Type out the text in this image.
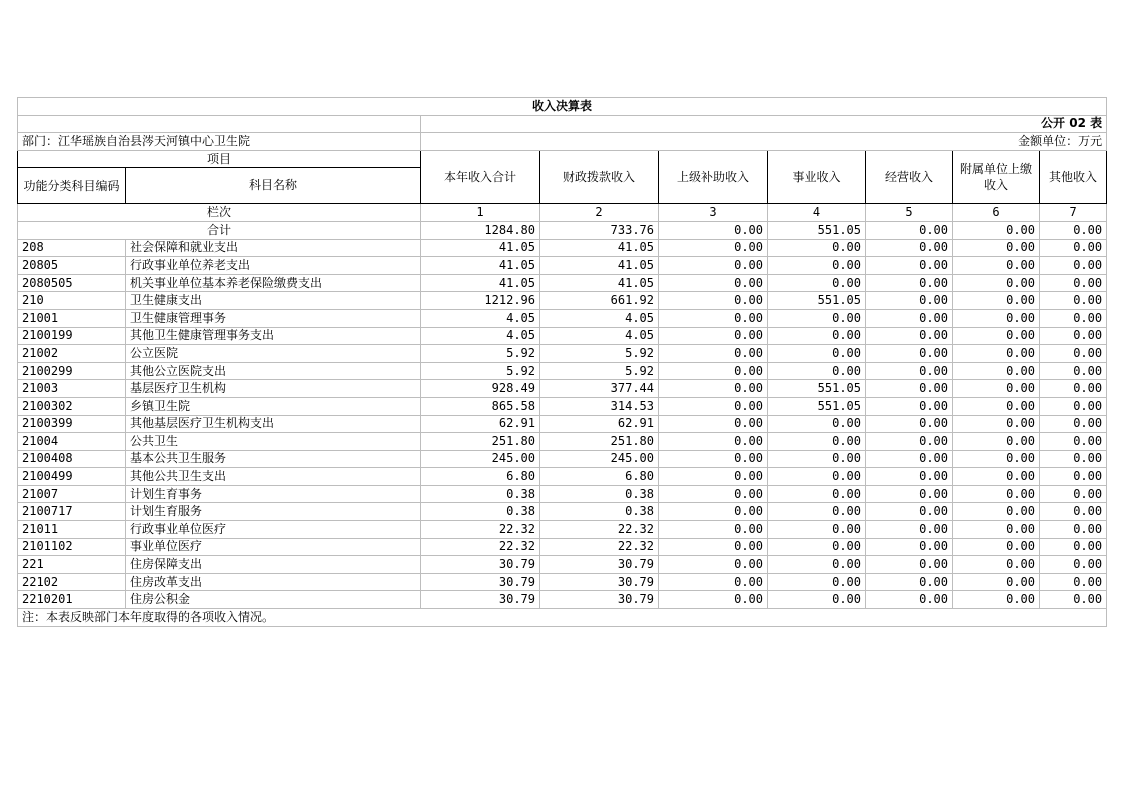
收入决算表								
		公开 02 表						
部门：江华瑶族自治县涔天河镇中心卫生院		金额单位：万元						
项目		本年收入合计	财政拨款收入	上级补助收入	事业收入	经营收入	附属单位上缴收入	其他收入
功能分类科目编码	科目名称							
栏次		1	2	3	4	5	6	7
合计		1284.80	733.76	0.00	551.05	0.00	0.00	0.00
208	社会保障和就业支出	41.05	41.05	0.00	0.00	0.00	0.00	0.00
20805	行政事业单位养老支出	41.05	41.05	0.00	0.00	0.00	0.00	0.00
2080505	机关事业单位基本养老保险缴费支出	41.05	41.05	0.00	0.00	0.00	0.00	0.00
210	卫生健康支出	1212.96	661.92	0.00	551.05	0.00	0.00	0.00
21001	卫生健康管理事务	4.05	4.05	0.00	0.00	0.00	0.00	0.00
2100199	其他卫生健康管理事务支出	4.05	4.05	0.00	0.00	0.00	0.00	0.00
21002	公立医院	5.92	5.92	0.00	0.00	0.00	0.00	0.00
2100299	其他公立医院支出	5.92	5.92	0.00	0.00	0.00	0.00	0.00
21003	基层医疗卫生机构	928.49	377.44	0.00	551.05	0.00	0.00	0.00
2100302	乡镇卫生院	865.58	314.53	0.00	551.05	0.00	0.00	0.00
2100399	其他基层医疗卫生机构支出	62.91	62.91	0.00	0.00	0.00	0.00	0.00
21004	公共卫生	251.80	251.80	0.00	0.00	0.00	0.00	0.00
2100408	基本公共卫生服务	245.00	245.00	0.00	0.00	0.00	0.00	0.00
2100499	其他公共卫生支出	6.80	6.80	0.00	0.00	0.00	0.00	0.00
21007	计划生育事务	0.38	0.38	0.00	0.00	0.00	0.00	0.00
2100717	计划生育服务	0.38	0.38	0.00	0.00	0.00	0.00	0.00
21011	行政事业单位医疗	22.32	22.32	0.00	0.00	0.00	0.00	0.00
2101102	事业单位医疗	22.32	22.32	0.00	0.00	0.00	0.00	0.00
221	住房保障支出	30.79	30.79	0.00	0.00	0.00	0.00	0.00
22102	住房改革支出	30.79	30.79	0.00	0.00	0.00	0.00	0.00
2210201	住房公积金	30.79	30.79	0.00	0.00	0.00	0.00	0.00
注：本表反映部门本年度取得的各项收入情况。								
